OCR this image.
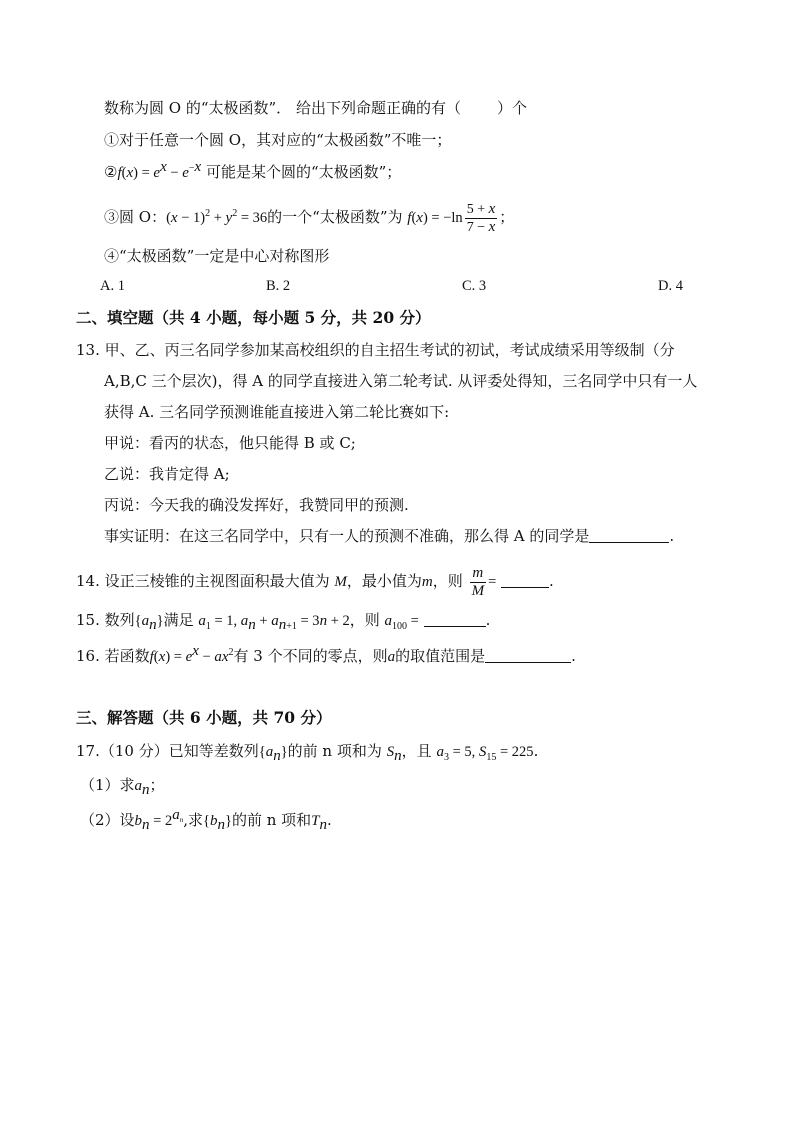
数称为圆 O 的“太极函数”． 给出下列命题正确的有（ ）个
①对于任意一个圆 O，其对应的“太极函数”不唯一；
②f(x) = $e^x - e^{-x}$ 可能是某个圆的“太极函数”；
③圆 O：$(x - 1)^2 + y^2 = 36$的一个“太极函数”为 $f(x) = -\ln \frac{5 + x}{7 - x}$ ；
④“太极函数”一定是中心对称图形
A. 1	B. 2	C. 3	D. 4
二、填空题（共 4 小题，每小题 5 分，共 20 分）
13. 甲、乙、丙三名同学参加某高校组织的自主招生考试的初试，考试成绩采用等级制（分
A,B,C 三个层次)，得 A 的同学直接进入第二轮考试. 从评委处得知，三名同学中只有一人
获得 A. 三名同学预测谁能直接进入第二轮比赛如下:
甲说：看丙的状态，他只能得 B 或 C;
乙说：我肯定得 A;
丙说：今天我的确没发挥好，我赞同甲的预测.
事实证明：在这三名同学中，只有一人的预测不准确，那么得 A 的同学是	.
14. 设正三棱锥的主视图面积最大值为 M，最小值为m，则 $\frac{m}{M}$ =	.
15. 数列$\{a_n\}$满足 $a_1 = 1$, $a_n + a_{n+1} = 3n + 2$，则 $a_{100}$ =	.
16. 若函数$f(x) = e^x - ax^2$有 3 个不同的零点，则a的取值范围是	.
三、解答题（共 6 小题，共 70 分）
17.（10 分）已知等差数列$\{a_n\}$的前 n 项和为 $S_n$，且 $a_3 = 5$, $S_{15} = 225$.
（1）求$a_n$；
（2）设$b_n = 2^{a_n}$,求$\{b_n\}$的前 n 项和$T_n$.
